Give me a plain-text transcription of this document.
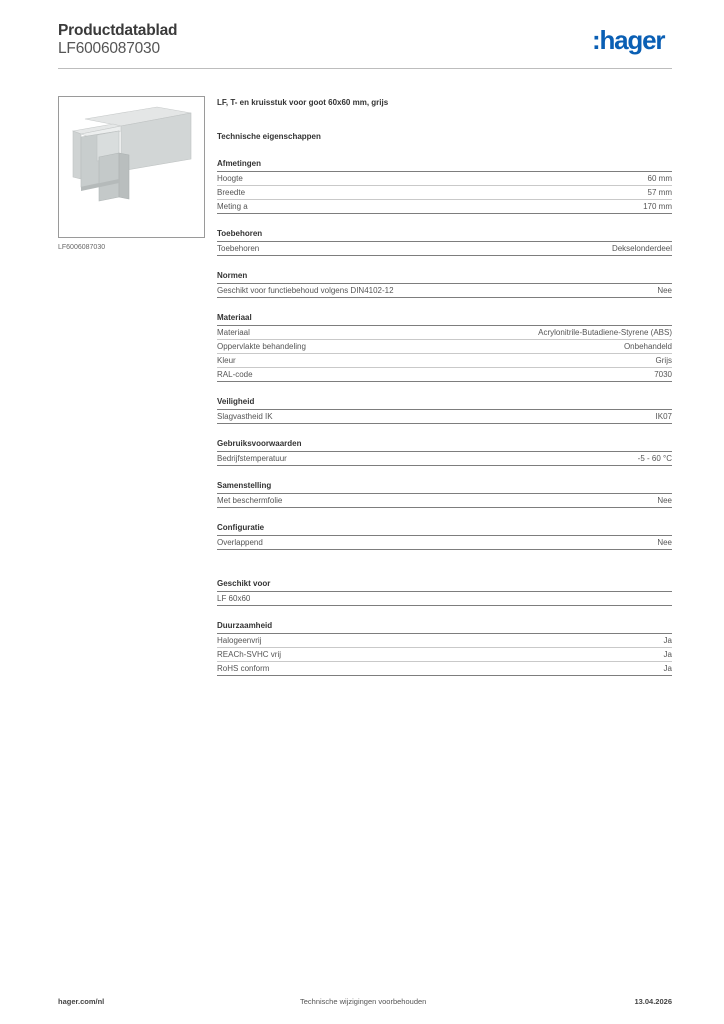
Productdatablad
LF6006087030	:hager
LF6006087030
LF, T- en kruisstuk voor goot 60x60 mm, grijs
Technische eigenschappen
Afmetingen
Hoogte	60 mm
Breedte	57 mm
Meting a	170 mm
Toebehoren
Toebehoren	Dekselonderdeel
Normen
Geschikt voor functiebehoud volgens DIN4102-12	Nee
Materiaal
Materiaal	Acrylonitrile-Butadiene-Styrene (ABS)
Oppervlakte behandeling	Onbehandeld
Kleur	Grijs
RAL-code	7030
Veiligheid
Slagvastheid IK	IK07
Gebruiksvoorwaarden
Bedrijfstemperatuur	-5 - 60 °C
Samenstelling
Met beschermfolie	Nee
Configuratie
Overlappend	Nee
Geschikt voor
LF 60x60
Duurzaamheid
Halogeenvrij	Ja
REACh-SVHC vrij	Ja
RoHS conform	Ja
hager.com/nl	Technische wijzigingen voorbehouden	13.04.2026
